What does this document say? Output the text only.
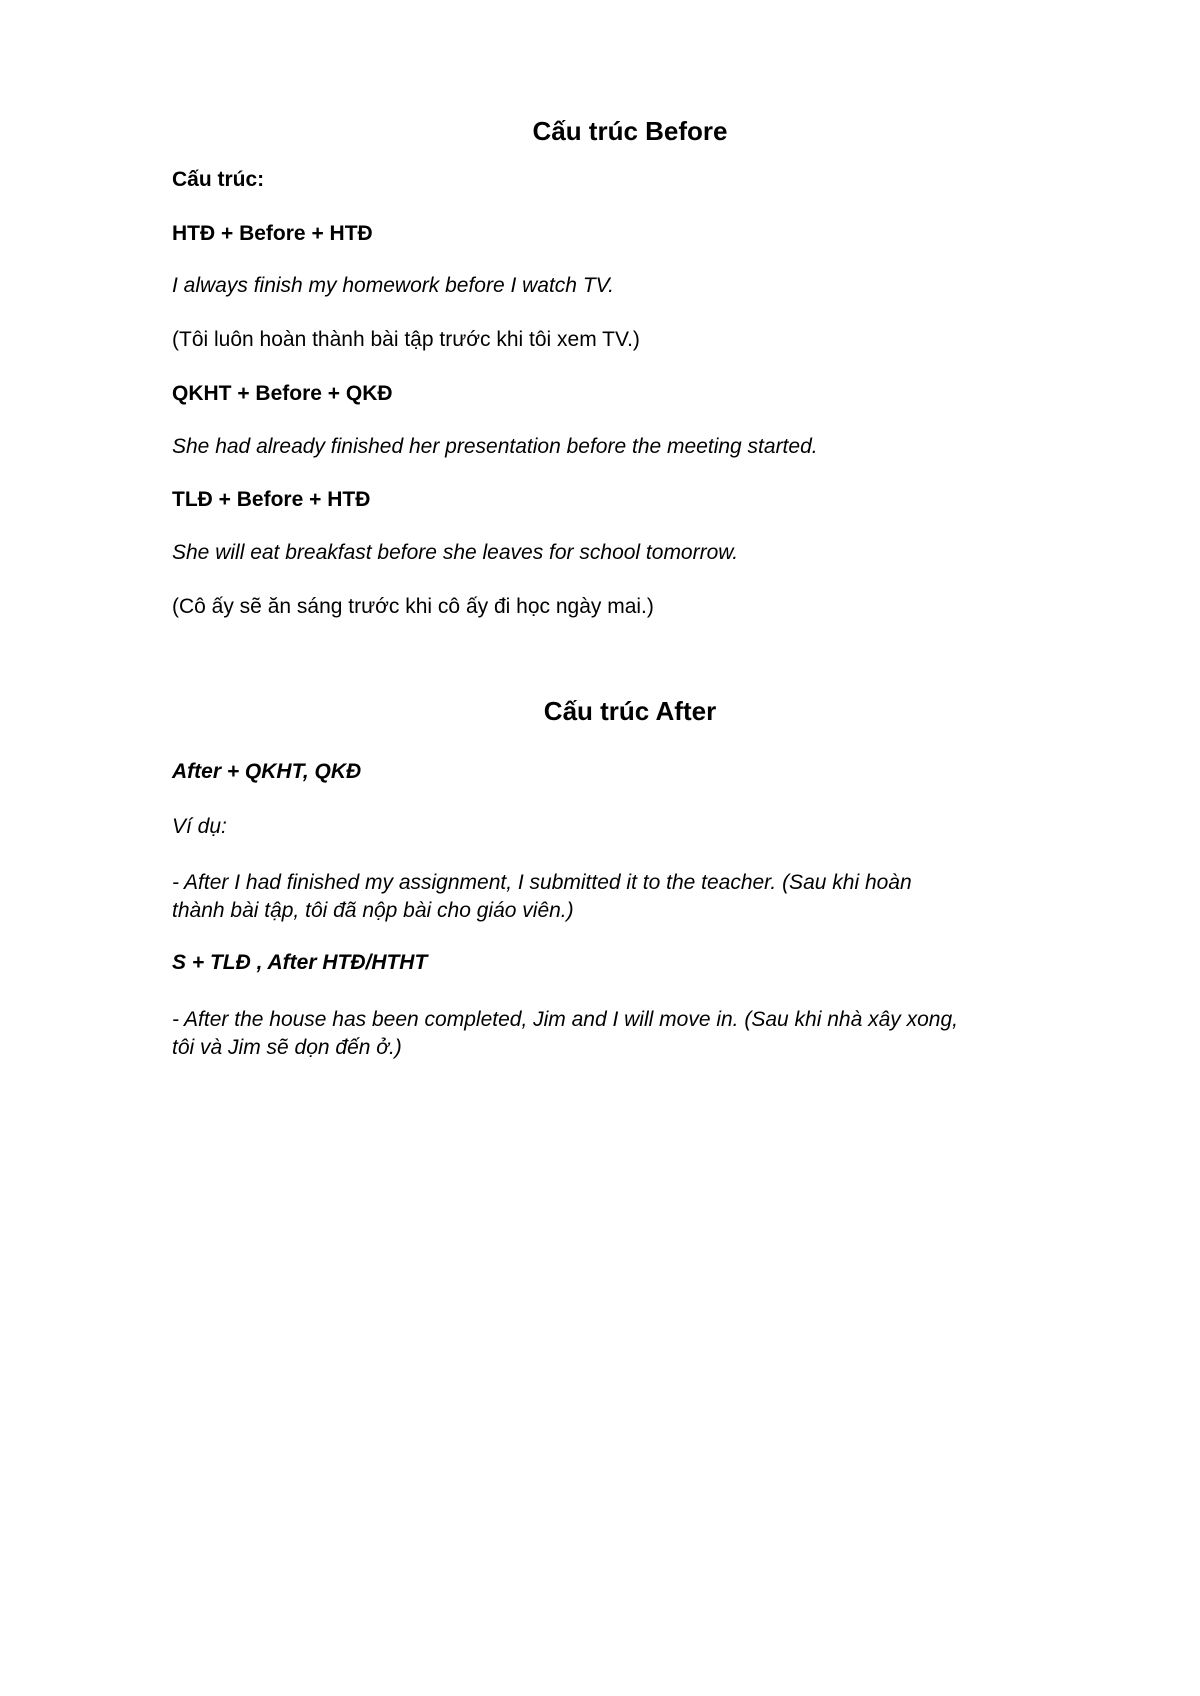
Cấu trúc Before
Cấu trúc:
HTĐ + Before + HTĐ
I always finish my homework before I watch TV.
(Tôi luôn hoàn thành bài tập trước khi tôi xem TV.)
QKHT + Before + QKĐ
She had already finished her presentation before the meeting started.
TLĐ + Before + HTĐ
She will eat breakfast before she leaves for school tomorrow.
(Cô ấy sẽ ăn sáng trước khi cô ấy đi học ngày mai.)
Cấu trúc After
After + QKHT, QKĐ
Ví dụ:
- After I had finished my assignment, I submitted it to the teacher. (Sau khi hoàn
thành bài tập, tôi đã nộp bài cho giáo viên.)
S + TLĐ , After HTĐ/HTHT
- After the house has been completed, Jim and I will move in. (Sau khi nhà xây xong,
tôi và Jim sẽ dọn đến ở.)
